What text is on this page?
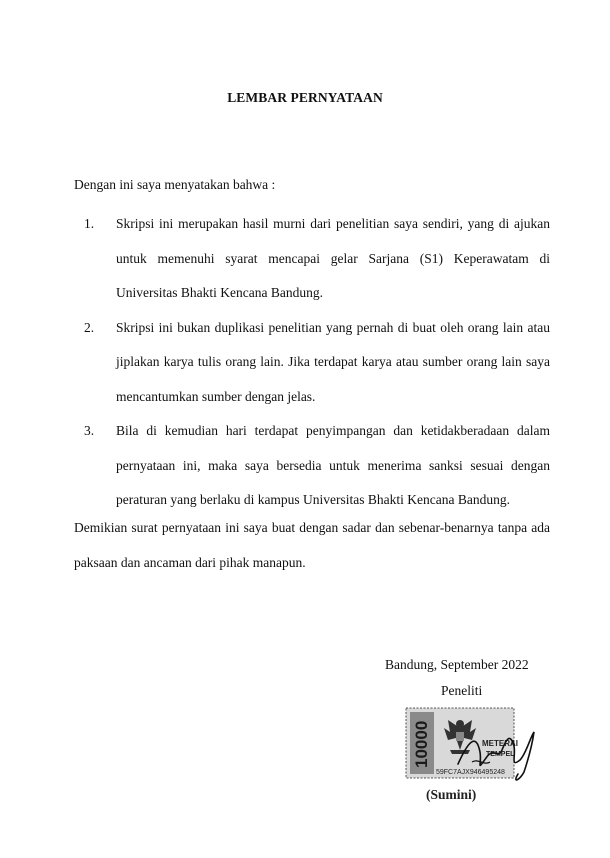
LEMBAR PERNYATAAN
Dengan ini saya menyatakan bahwa :
1. Skripsi ini merupakan hasil murni dari penelitian saya sendiri, yang di ajukan untuk memenuhi syarat mencapai gelar Sarjana (S1) Keperawatam di Universitas Bhakti Kencana Bandung.
2. Skripsi ini bukan duplikasi penelitian yang pernah di buat oleh orang lain atau jiplakan karya tulis orang lain. Jika terdapat karya atau sumber orang lain saya mencantumkan sumber dengan jelas.
3. Bila di kemudian hari terdapat penyimpangan dan ketidakberadaan dalam pernyataan ini, maka saya bersedia untuk menerima sanksi sesuai dengan peraturan yang berlaku di kampus Universitas Bhakti Kencana Bandung.
Demikian surat pernyataan ini saya buat dengan sadar dan sebenar-benarnya tanpa ada paksaan dan ancaman dari pihak manapun.
Bandung, September 2022
Peneliti
10000	METERAI
TEMPEL
59FC7AJX946495248
(Sumini)
